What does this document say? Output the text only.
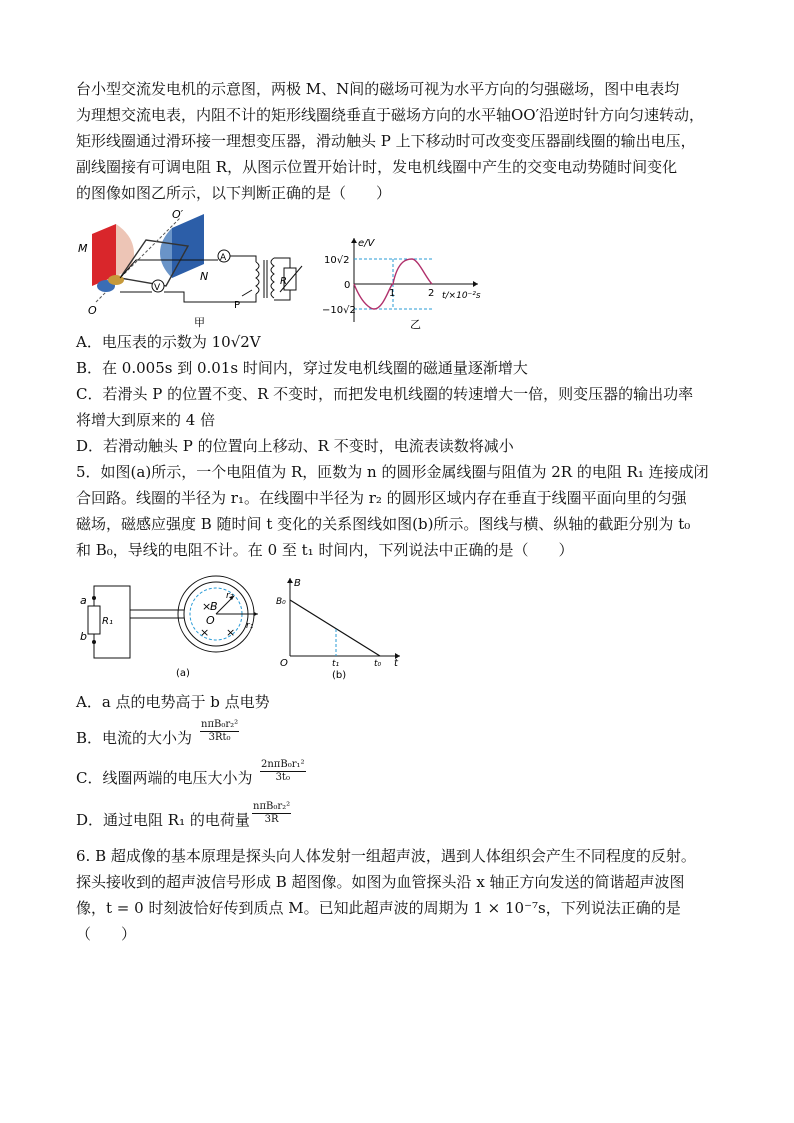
台小型交流发电机的示意图，两极 M、N间的磁场可视为水平方向的匀强磁场，图中电表均
为理想交流电表，内阻不计的矩形线圈绕垂直于磁场方向的水平轴OO′沿逆时针方向匀速转动，
矩形线圈通过滑环接一理想变压器，滑动触头 P 上下移动时可改变变压器副线圈的输出电压，
副线圈接有可调电阻 R，从图示位置开始计时，发电机线圈中产生的交变电动势随时间变化
的图像如图乙所示，以下判断正确的是（　　）
M
N
O′
O
A
V
P
R
甲
e/V
10√2
0
−10√2
1	2 t/×10⁻²s
乙
A．电压表的示数为 10√2V
B．在 0.005s 到 0.01s 时间内，穿过发电机线圈的磁通量逐渐增大
C．若滑头 P 的位置不变、R 不变时，而把发电机线圈的转速增大一倍，则变压器的输出功率
将增大到原来的 4 倍
D．若滑动触头 P 的位置向上移动、R 不变时，电流表读数将减小
5．如图(a)所示，一个电阻值为 R，匝数为 n 的圆形金属线圈与阻值为 2R 的电阻 R₁ 连接成闭
合回路。线圈的半径为 r₁。在线圈中半径为 r₂ 的圆形区域内存在垂直于线圈平面向里的匀强
磁场，磁感应强度 B 随时间 t 变化的关系图线如图(b)所示。图线与横、纵轴的截距分别为 t₀
和 B₀，导线的电阻不计。在 0 至 t₁ 时间内，下列说法中正确的是（　　）
a
b
R₁
×
B
O
r₂
r₁
× ×
(a)
B
B₀
O	t₁	t₀ t
(b)
A．a 点的电势高于 b 点电势
B．电流的大小为
nπB₀r₂²
3Rt₀
C．线圈两端的电压大小为
2nπB₀r₁²
3t₀
D．通过电阻 R₁ 的电荷量
nπB₀r₂²
3R
6. B 超成像的基本原理是探头向人体发射一组超声波，遇到人体组织会产生不同程度的反射。
探头接收到的超声波信号形成 B 超图像。如图为血管探头沿 x 轴正方向发送的简谐超声波图
像，t = 0 时刻波恰好传到质点 M。已知此超声波的周期为 1 × 10⁻⁷s，下列说法正确的是
（　　）
